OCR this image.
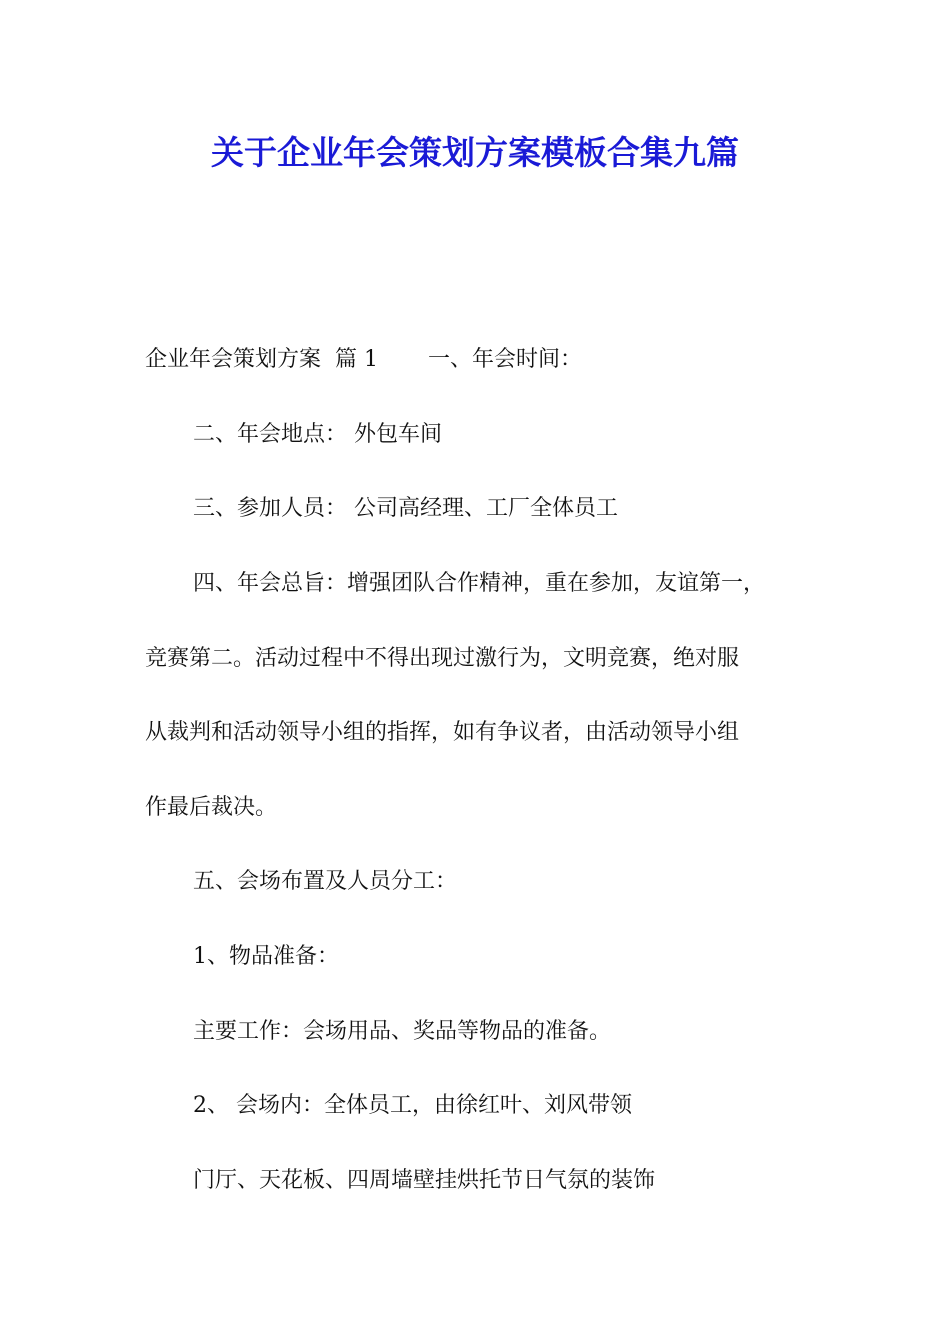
关于企业年会策划方案模板合集九篇
企业年会策划方案 篇 1 一、年会时间：
二、年会地点： 外包车间
三、参加人员： 公司高经理、工厂全体员工
四、年会总旨：增强团队合作精神，重在参加，友谊第一，
竞赛第二。活动过程中不得出现过激行为，文明竞赛，绝对服
从裁判和活动领导小组的指挥，如有争议者，由活动领导小组
作最后裁决。
五、会场布置及人员分工：
1、物品准备：
主要工作：会场用品、奖品等物品的准备。
2、 会场内：全体员工，由徐红叶、刘风带领
门厅、天花板、四周墙壁挂烘托节日气氛的装饰
